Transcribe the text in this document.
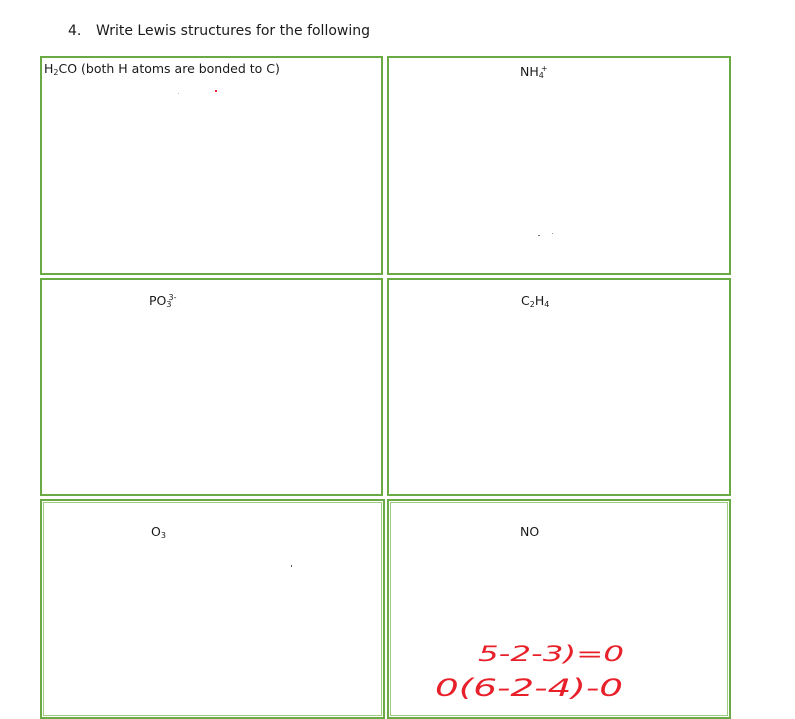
4. Write Lewis structures for the following
$H_2CO$ (both H atoms are bonded to C)	$NH_4^+$
$PO_3^{3-}$	$C_2H_4$
$O_3$	NO
5-2-3)=0
0(6-2-4)-0
